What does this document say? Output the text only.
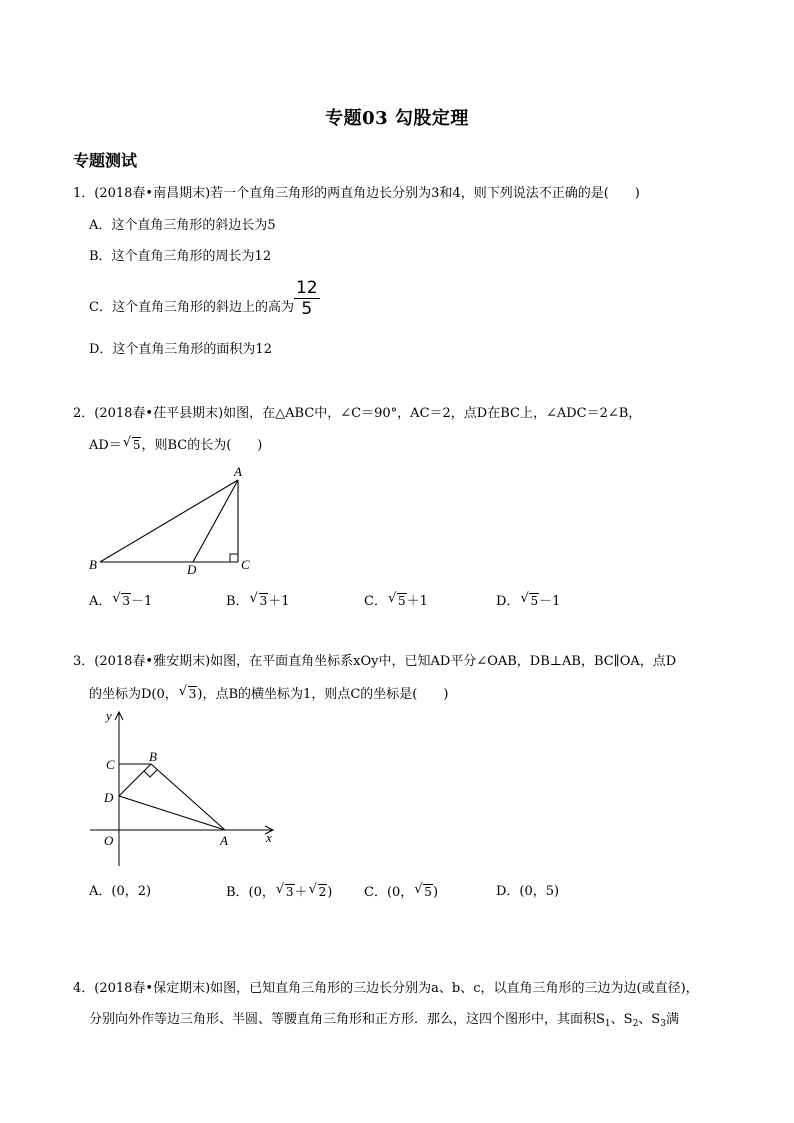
专题03 勾股定理
专题测试
1．(2018春•南昌期末)若一个直角三角形的两直角边长分别为3和4，则下列说法不正确的是(　　)
A．这个直角三角形的斜边长为5
B．这个直角三角形的周长为12
C．这个直角三角形的斜边上的高为 $\frac{12}{5}$
D．这个直角三角形的面积为12
2．(2018春•茌平县期末)如图，在△ABC中，∠C＝90°，AC＝2，点D在BC上，∠ADC＝2∠B，
AD＝ √ 5，则BC的长为(　　)
A
B	C
D
A． √ 3－1	B． √ 3＋1	C． √ 5＋1	D． √ 5－1
3．(2018春•雅安期末)如图，在平面直角坐标系xOy中，已知AD平分∠OAB，DB⊥AB，BC∥OA，点D
的坐标为D(0， √ 3)，点B的横坐标为1，则点C的坐标是(　　)
y
x
O	A
B
C
D
A．(0，2)	B．(0， √ 3＋ √ 2) C．(0， √ 5)	D．(0，5)
4．(2018春•保定期末)如图，已知直角三角形的三边长分别为a、b、c，以直角三角形的三边为边(或直径)，
分别向外作等边三角形、半圆、等腰直角三角形和正方形．那么，这四个图形中，其面积$S_1$、$S_2$、$S_3$满
